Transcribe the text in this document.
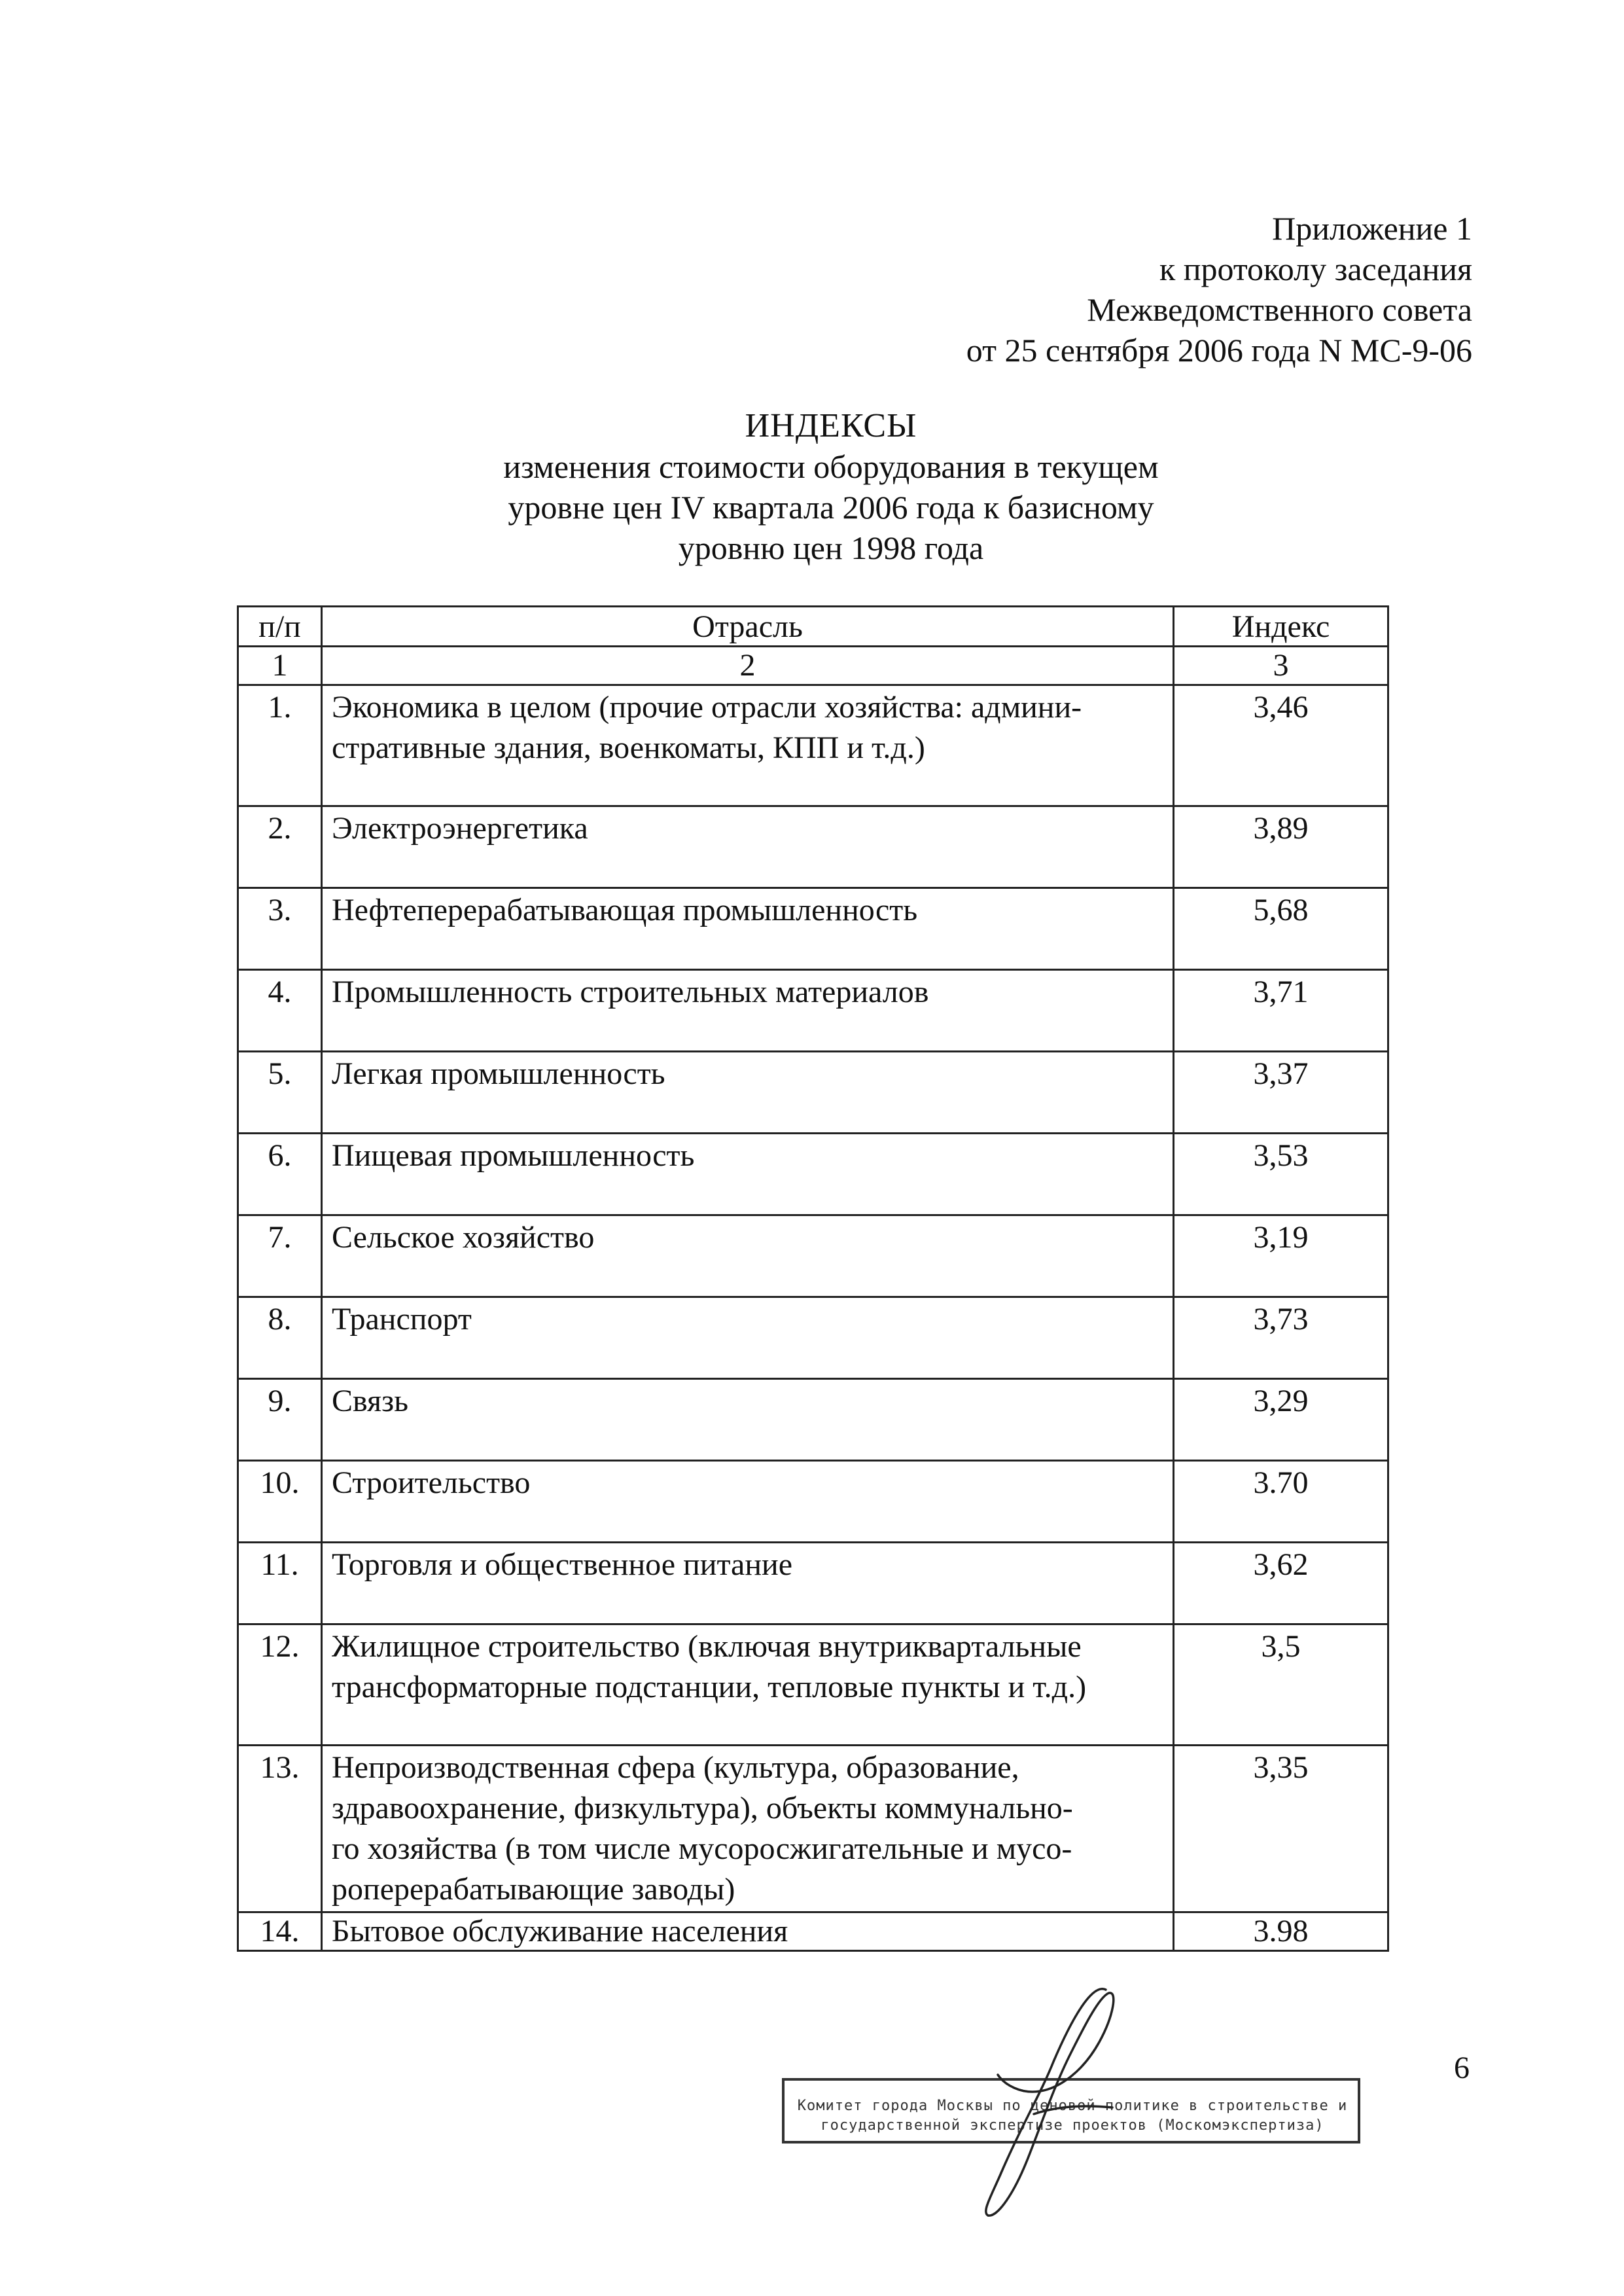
Приложение 1
к протоколу заседания
Межведомственного совета
от 25 сентября 2006 года N МС-9-06
ИНДЕКСЫ
изменения стоимости оборудования в текущем
уровне цен IV квартала 2006 года к базисному
уровню цен 1998 года
п/п	Отрасль	Индекс
1	2	3
1.	Экономика в целом (прочие отрасли хозяйства: админи-
стративные здания, военкоматы, КПП и т.д.)	3,46
2.	Электроэнергетика	3,89
3.	Нефтеперерабатывающая промышленность	5,68
4.	Промышленность строительных материалов	3,71
5.	Легкая промышленность	3,37
6.	Пищевая промышленность	3,53
7.	Сельское хозяйство	3,19
8.	Транспорт	3,73
9.	Связь	3,29
10.	Строительство	3.70
11.	Торговля и общественное питание	3,62
12.	Жилищное строительство (включая внутриквартальные
трансформаторные подстанции, тепловые пункты и т.д.)	3,5
13.	Непроизводственная сфера (культура, образование,
здравоохранение, физкультура), объекты коммунально-
го хозяйства (в том числе мусоросжигательные и мусо-
роперерабатывающие заводы)	3,35
14.	Бытовое обслуживание населения	3.98
6
Комитет города Москвы по ценовой политике в строительстве и
государственной экспертизе проектов (Москомэкспертиза)
